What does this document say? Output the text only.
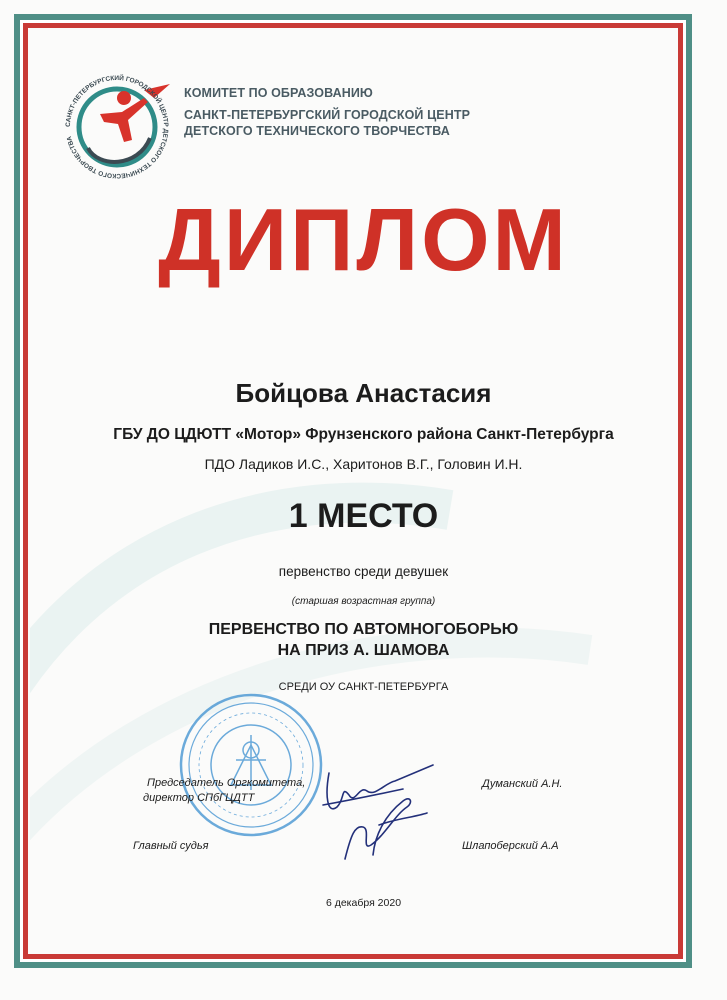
САНКТ-ПЕТЕРБУРГСКИЙ ГОРОДСКОЙ ЦЕНТР ДЕТСКОГО ТЕХНИЧЕСКОГО ТВОРЧЕСТВА
КОМИТЕТ ПО ОБРАЗОВАНИЮ
САНКТ-ПЕТЕРБУРГСКИЙ ГОРОДСКОЙ ЦЕНТР
ДЕТСКОГО ТЕХНИЧЕСКОГО ТВОРЧЕСТВА
ДИПЛОМ
Бойцова Анастасия
ГБУ ДО ЦДЮТТ «Мотор» Фрунзенского района Санкт-Петербурга
ПДО Ладиков И.С., Харитонов В.Г., Головин И.Н.
1 МЕСТО
первенство среди девушек
(старшая возрастная группа)
ПЕРВЕНСТВО ПО АВТОМНОГОБОРЬЮ
НА ПРИЗ А. ШАМОВА
СРЕДИ ОУ САНКТ-ПЕТЕРБУРГА
Председатель Оргкомитета,
директор СПбГЦДТТ
Думанский А.Н.
Главный судья	Шлапоберский А.А
6 декабря 2020
